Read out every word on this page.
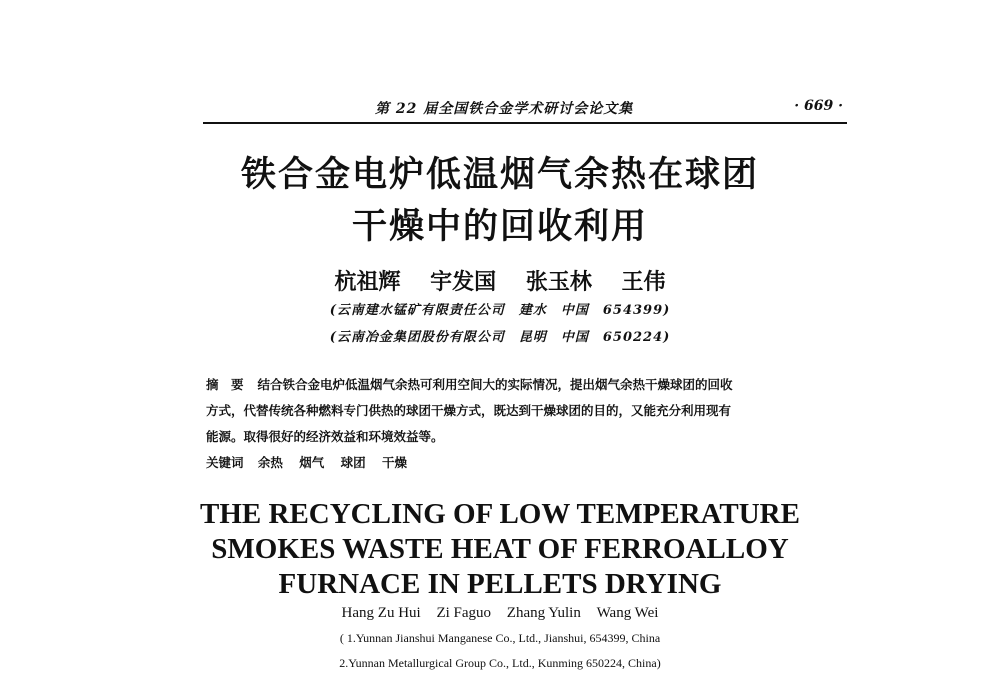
第 22 届全国铁合金学术研讨会论文集	· 669 ·
铁合金电炉低温烟气余热在球团
干燥中的回收利用
杭祖辉 宇发国 张玉林 王伟
(云南建水锰矿有限责任公司　建水　中国　654399)
(云南冶金集团股份有限公司　昆明　中国　650224)
摘　要 结合铁合金电炉低温烟气余热可利用空间大的实际情况，提出烟气余热干燥球团的回收
方式，代替传统各种燃料专门供热的球团干燥方式，既达到干燥球团的目的，又能充分利用现有
能源。取得很好的经济效益和环境效益等。
关键词 余热 烟气 球团 干燥
THE RECYCLING OF LOW TEMPERATURE
SMOKES WASTE HEAT OF FERROALLOY
FURNACE IN PELLETS DRYING
Hang Zu Hui Zi Faguo Zhang Yulin Wang Wei
( 1.Yunnan Jianshui Manganese Co., Ltd., Jianshui, 654399, China
2.Yunnan Metallurgical Group Co., Ltd., Kunming 650224, China)
